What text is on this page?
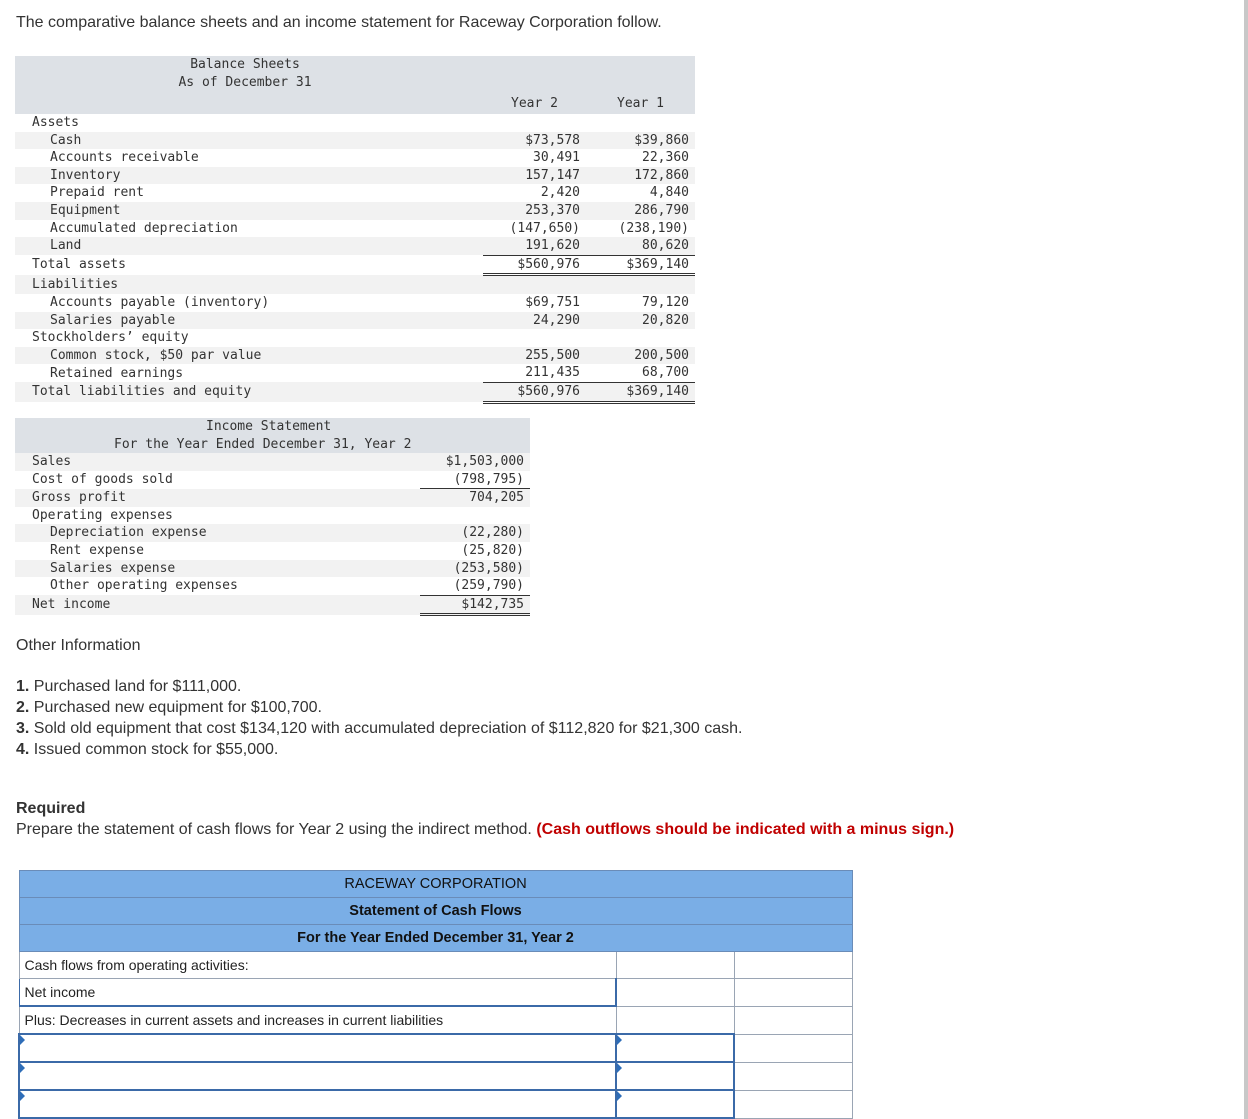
The comparative balance sheets and an income statement for Raceway Corporation follow.
Balance Sheets		
As of December 31		
	Year 2	Year 1
Assets		
Cash	$73,578	$39,860
Accounts receivable	30,491	22,360
Inventory	157,147	172,860
Prepaid rent	2,420	4,840
Equipment	253,370	286,790
Accumulated depreciation	(147,650)	(238,190)
Land	191,620	80,620
Total assets	$560,976	$369,140
Liabilities		
Accounts payable (inventory)	$69,751	79,120
Salaries payable	24,290	20,820
Stockholders’ equity		
Common stock, $50 par value	255,500	200,500
Retained earnings	211,435	68,700
Total liabilities and equity	$560,976	$369,140
Income Statement	
For the Year Ended December 31, Year 2	
Sales	$1,503,000
Cost of goods sold	(798,795)
Gross profit	704,205
Operating expenses	
Depreciation expense	(22,280)
Rent expense	(25,820)
Salaries expense	(253,580)
Other operating expenses	(259,790)
Net income	$142,735
Other Information
1. Purchased land for $111,000.
2. Purchased new equipment for $100,700.
3. Sold old equipment that cost $134,120 with accumulated depreciation of $112,820 for $21,300 cash.
4. Issued common stock for $55,000.
Required
Prepare the statement of cash flows for Year 2 using the indirect method. (Cash outflows should be indicated with a minus sign.)
RACEWAY CORPORATION		
Statement of Cash Flows		
For the Year Ended December 31, Year 2		
Cash flows from operating activities:		
Net income		
Plus: Decreases in current assets and increases in current liabilities		
